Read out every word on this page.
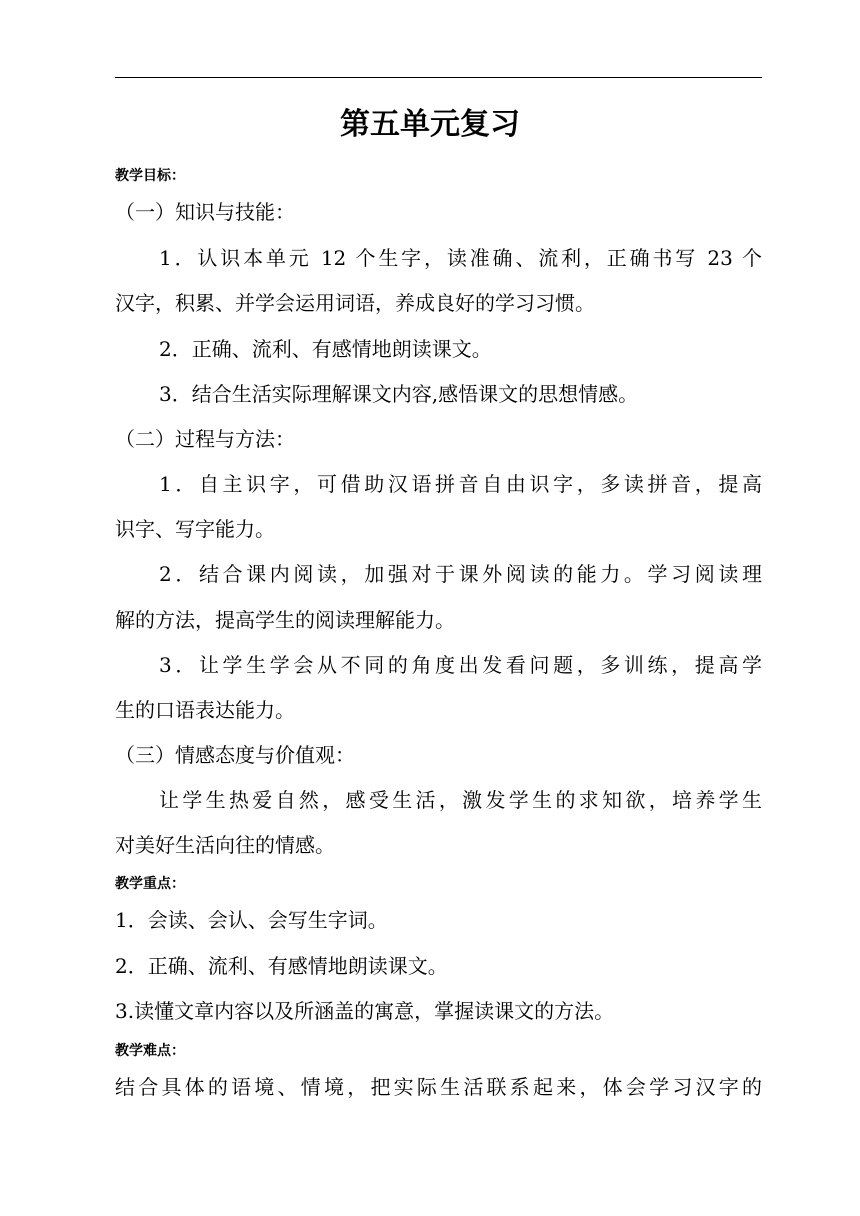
第五单元复习
教学目标：
（一）知识与技能：
1．认识本单元 12 个生字，读准确、流利，正确书写 23 个
汉字，积累、并学会运用词语，养成良好的学习习惯。
2．正确、流利、有感情地朗读课文。
3．结合生活实际理解课文内容,感悟课文的思想情感。
（二）过程与方法：
1．自主识字，可借助汉语拼音自由识字，多读拼音，提高
识字、写字能力。
2．结合课内阅读，加强对于课外阅读的能力。学习阅读理
解的方法，提高学生的阅读理解能力。
3．让学生学会从不同的角度出发看问题，多训练，提高学
生的口语表达能力。
（三）情感态度与价值观：
让学生热爱自然，感受生活，激发学生的求知欲，培养学生
对美好生活向往的情感。
教学重点：
1．会读、会认、会写生字词。
2．正确、流利、有感情地朗读课文。
3.读懂文章内容以及所涵盖的寓意，掌握读课文的方法。
教学难点：
结合具体的语境、情境，把实际生活联系起来，体会学习汉字的
